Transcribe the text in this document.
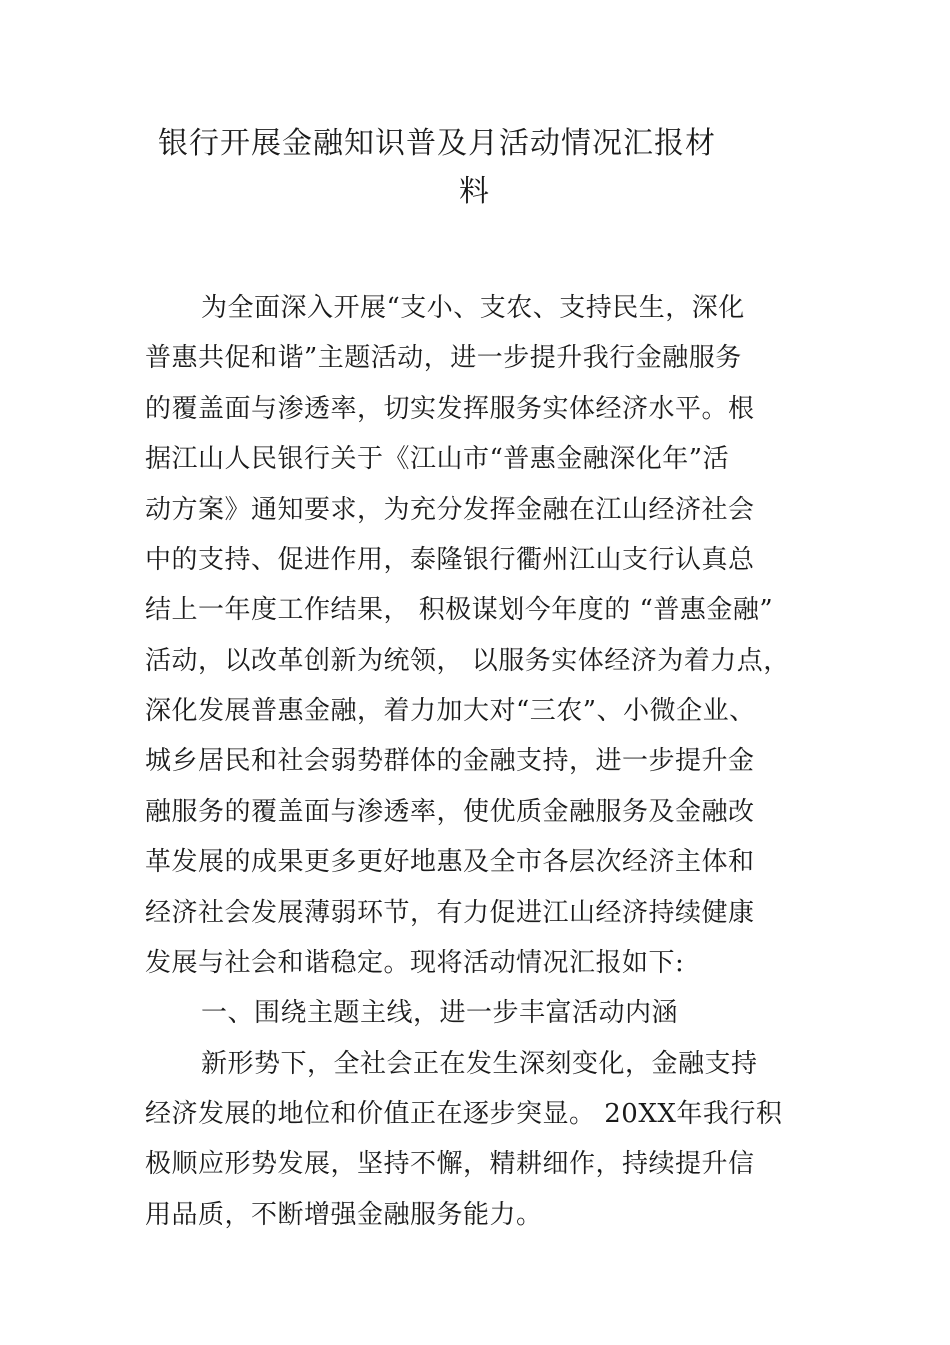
银行开展金融知识普及月活动情况汇报材
料
为全面深入开展“支小、支农、支持民生，深化
普惠共促和谐”主题活动，进一步提升我行金融服务
的覆盖面与渗透率，切实发挥服务实体经济水平。根
据江山人民银行关于《江山市“普惠金融深化年”活
动方案》通知要求，为充分发挥金融在江山经济社会
中的支持、促进作用，泰隆银行衢州江山支行认真总
结上一年度工作结果， 积极谋划今年度的 “普惠金融”
活动，以改革创新为统领， 以服务实体经济为着力点，
深化发展普惠金融，着力加大对“三农”、小微企业、
城乡居民和社会弱势群体的金融支持，进一步提升金
融服务的覆盖面与渗透率，使优质金融服务及金融改
革发展的成果更多更好地惠及全市各层次经济主体和
经济社会发展薄弱环节，有力促进江山经济持续健康
发展与社会和谐稳定。现将活动情况汇报如下:
一、围绕主题主线，进一步丰富活动内涵
新形势下，全社会正在发生深刻变化，金融支持
经济发展的地位和价值正在逐步突显。 20XX年我行积
极顺应形势发展，坚持不懈，精耕细作，持续提升信
用品质，不断增强金融服务能力。
